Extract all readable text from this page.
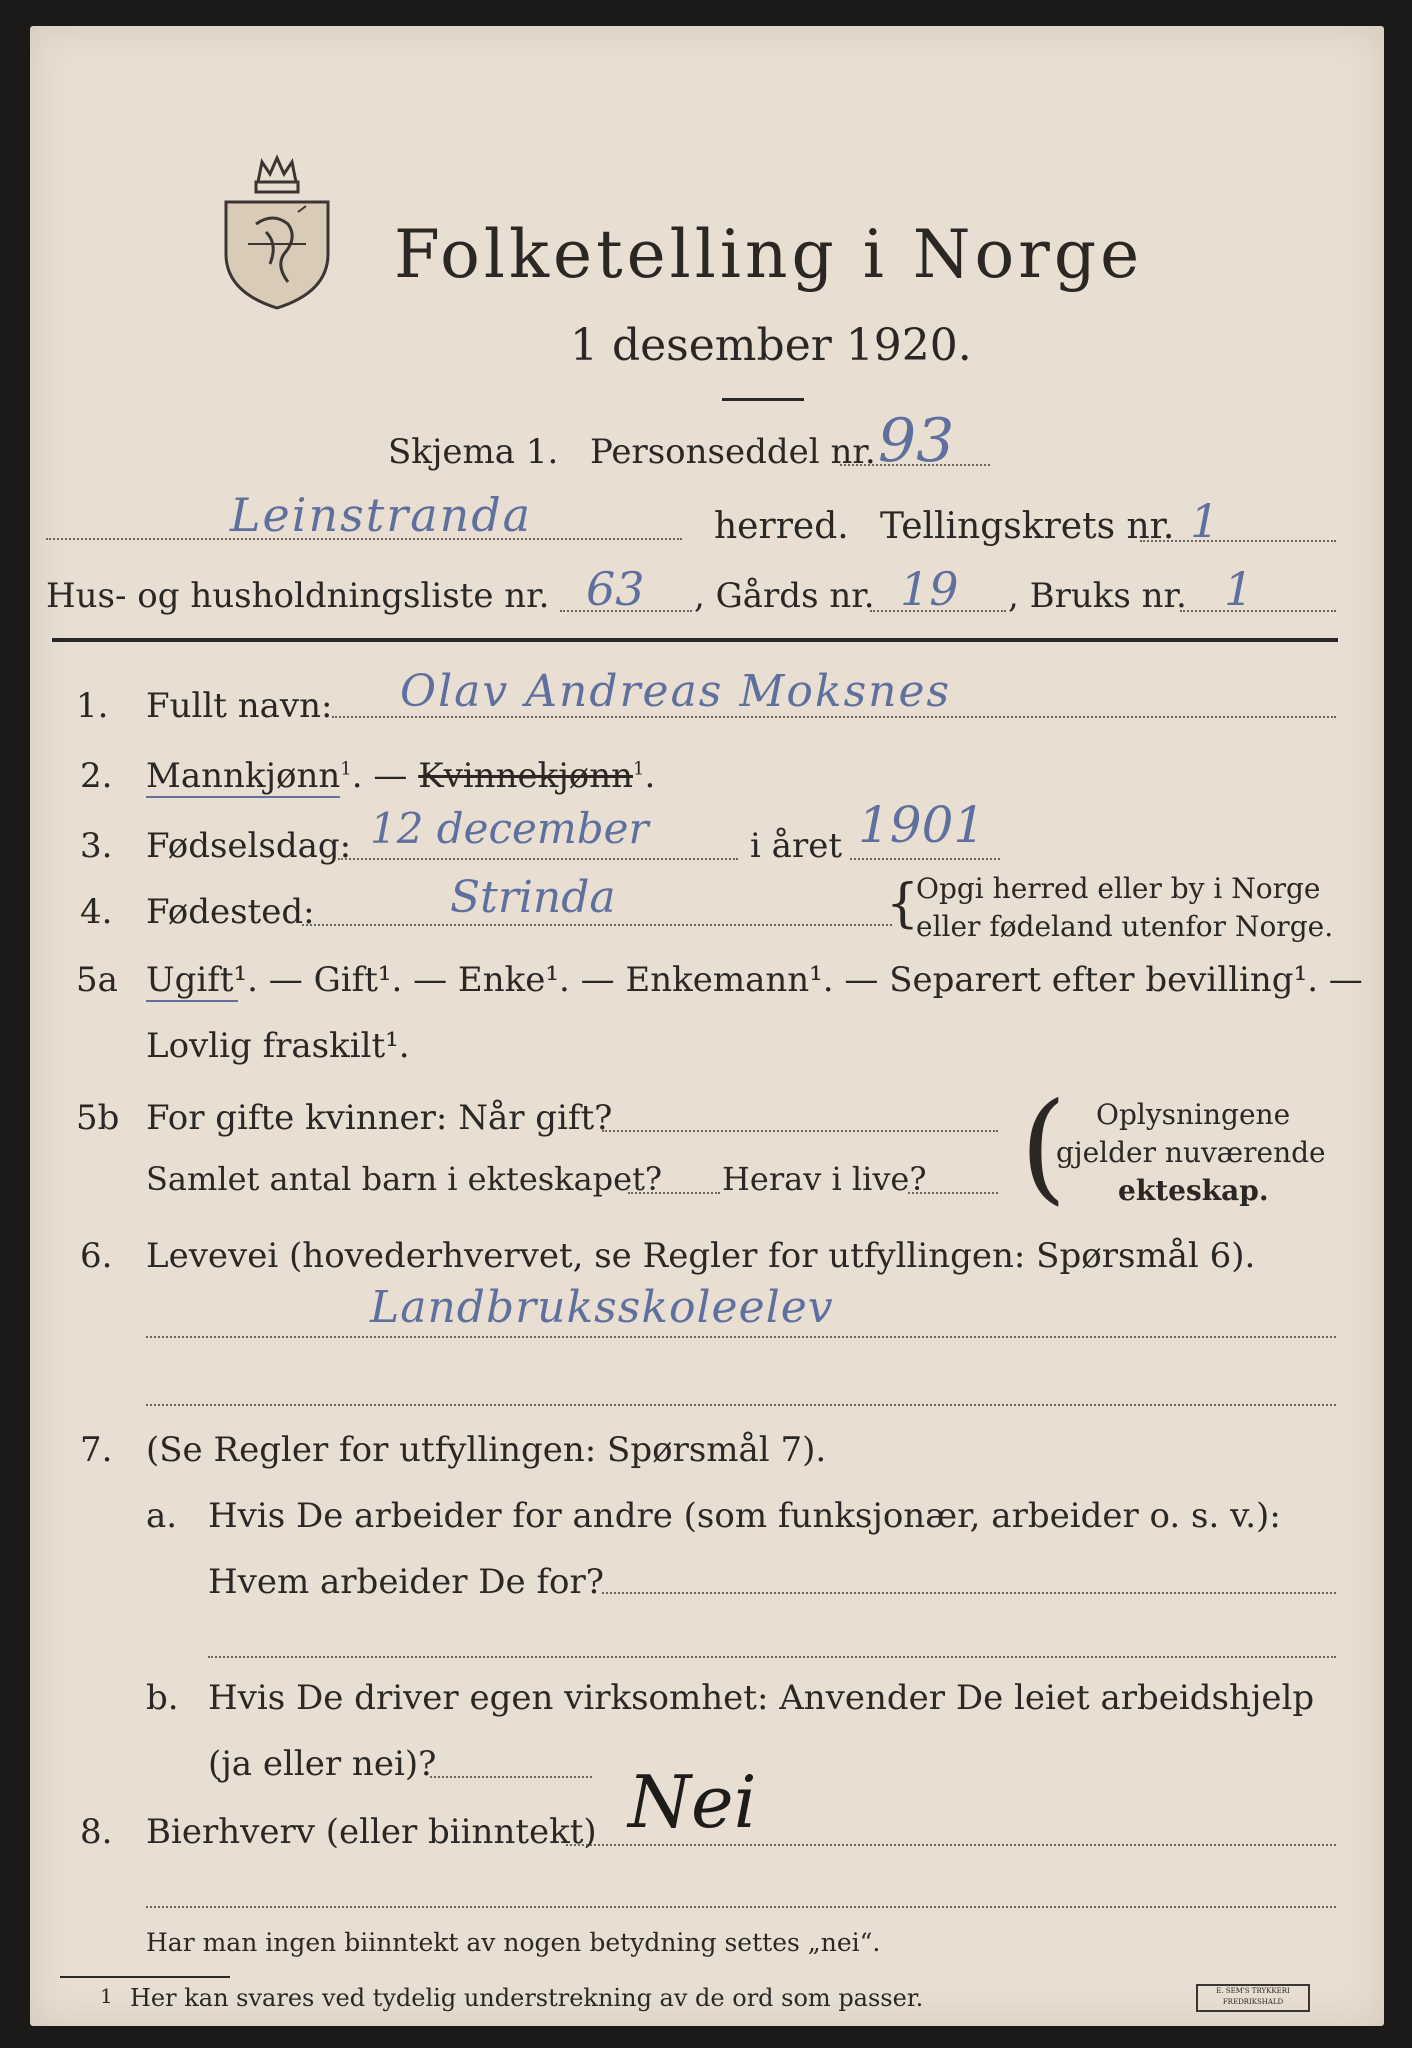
Folketelling i Norge
1 desember 1920.
Skjema 1. Personseddel nr. 93
Leinstranda	herred. Tellingskrets nr. 1
Hus- og husholdningsliste nr. 63 , Gårds nr. 19 , Bruks nr. 1
1. Fullt navn: Olav Andreas Moksnes
2. Mannkjønn$^1$. — Kvinnekjønn$^1$.
3. Fødselsdag: 12 december	i året 1901
4. Fødested:	Strinda	{
Opgi herred eller by i Norge
eller fødeland utenfor Norge.
5a Ugift¹. — Gift¹. — Enke¹. — Enkemann¹. — Separert efter bevilling¹. —
Lovlig fraskilt¹.
5b For gifte kvinner: Når gift?
Samlet antal barn i ekteskapet? Herav i live? ( Oplysningene
gjelder nuværende
ekteskap.
6. Levevei (hovederhvervet, se Regler for utfyllingen: Spørsmål 6).
Landbruksskoleelev
7. (Se Regler for utfyllingen: Spørsmål 7).
a. Hvis De arbeider for andre (som funksjonær, arbeider o. s. v.):
Hvem arbeider De for?
b. Hvis De driver egen virksomhet: Anvender De leiet arbeidshjelp
(ja eller nei)?
8. Bierhverv (eller biinntekt) Nei
Har man ingen biinntekt av nogen betydning settes „nei“.
1 Her kan svares ved tydelig understrekning av de ord som passer.	E. SEM'S TRYKKERI FREDRIKSHALD
